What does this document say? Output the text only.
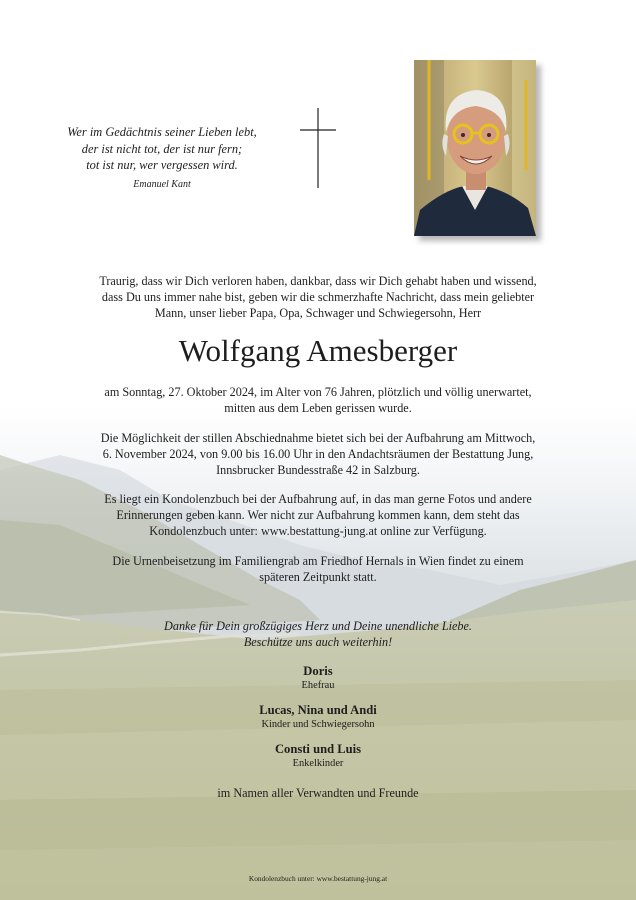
Wer im Gedächtnis seiner Lieben lebt,
der ist nicht tot, der ist nur fern;
tot ist nur, wer vergessen wird.
Emanuel Kant
Traurig, dass wir Dich verloren haben, dankbar, dass wir Dich gehabt haben und wissend,
dass Du uns immer nahe bist, geben wir die schmerzhafte Nachricht, dass mein geliebter
Mann, unser lieber Papa, Opa, Schwager und Schwiegersohn, Herr
Wolfgang Amesberger
am Sonntag, 27. Oktober 2024, im Alter von 76 Jahren, plötzlich und völlig unerwartet,
mitten aus dem Leben gerissen wurde.
Die Möglichkeit der stillen Abschiednahme bietet sich bei der Aufbahrung am Mittwoch,
6. November 2024, von 9.00 bis 16.00 Uhr in den Andachtsräumen der Bestattung Jung,
Innsbrucker Bundesstraße 42 in Salzburg.
Es liegt ein Kondolenzbuch bei der Aufbahrung auf, in das man gerne Fotos und andere
Erinnerungen geben kann. Wer nicht zur Aufbahrung kommen kann, dem steht das
Kondolenzbuch unter: www.bestattung-jung.at online zur Verfügung.
Die Urnenbeisetzung im Familiengrab am Friedhof Hernals in Wien findet zu einem
späteren Zeitpunkt statt.
Danke für Dein großzügiges Herz und Deine unendliche Liebe.
Beschütze uns auch weiterhin!
Doris
Ehefrau
Lucas, Nina und Andi
Kinder und Schwiegersohn
Consti und Luis
Enkelkinder
im Namen aller Verwandten und Freunde
Kondolenzbuch unter: www.bestattung-jung.at
